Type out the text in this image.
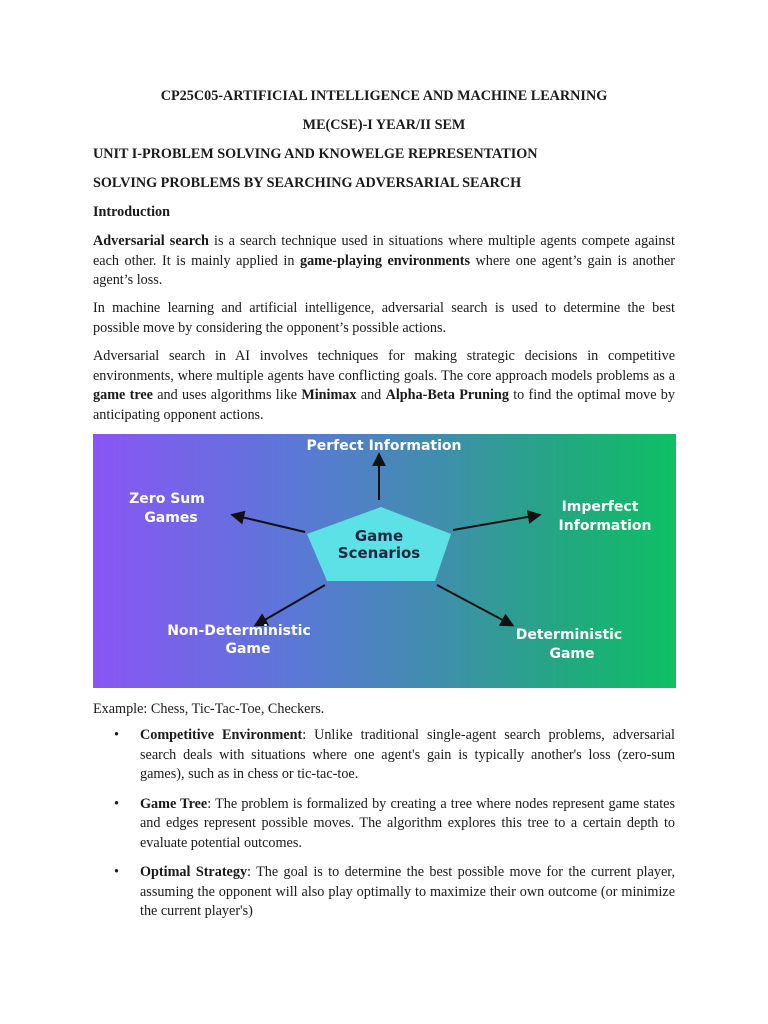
CP25C05-ARTIFICIAL INTELLIGENCE AND MACHINE LEARNING

ME(CSE)-I YEAR/II SEM

UNIT I-PROBLEM SOLVING AND KNOWELGE REPRESENTATION

SOLVING PROBLEMS BY SEARCHING ADVERSARIAL SEARCH

Introduction

Adversarial search is a search technique used in situations where multiple agents compete against each other. It is mainly applied in game-playing environments where one agent’s gain is another agent’s loss.

In machine learning and artificial intelligence, adversarial search is used to determine the best possible move by considering the opponent’s possible actions.

Adversarial search in AI involves techniques for making strategic decisions in competitive environments, where multiple agents have conflicting goals. The core approach models problems as a game tree and uses algorithms like Minimax and Alpha-Beta Pruning to find the optimal move by anticipating opponent actions.

Game
Scenarios
Perfect Information
Zero Sum
Games
Imperfect
Information
Non-Deterministic
Game
Deterministic
Game

Example: Chess, Tic-Tac-Toe, Checkers.

• Competitive Environment: Unlike traditional single-agent search problems, adversarial search deals with situations where one agent's gain is typically another's loss (zero-sum games), such as in chess or tic-tac-toe.
• Game Tree: The problem is formalized by creating a tree where nodes represent game states and edges represent possible moves. The algorithm explores this tree to a certain depth to evaluate potential outcomes.
• Optimal Strategy: The goal is to determine the best possible move for the current player, assuming the opponent will also play optimally to maximize their own outcome (or minimize the current player's)
